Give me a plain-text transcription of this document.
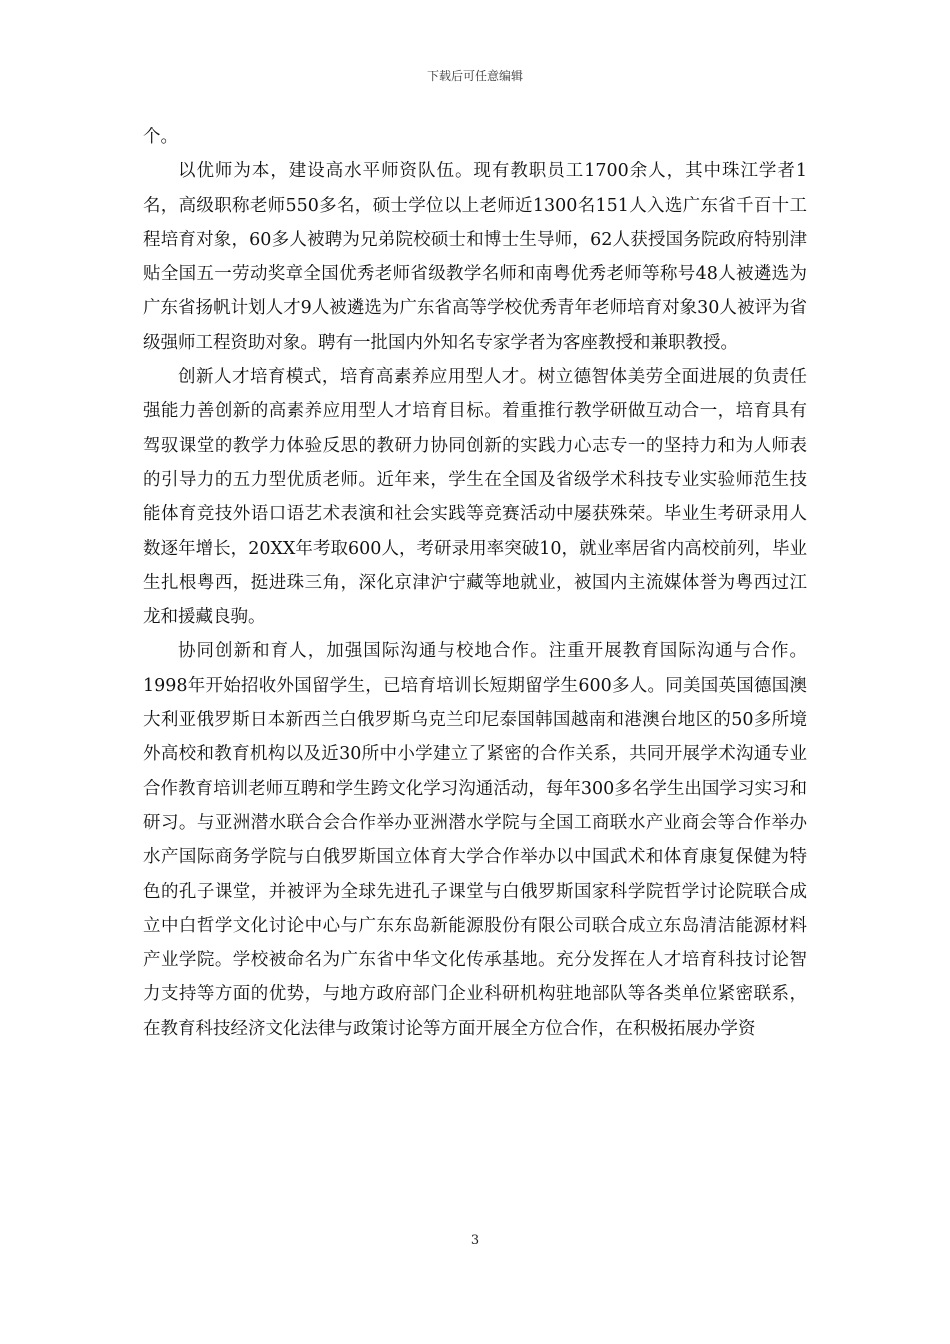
下载后可任意编辑

个。

以优师为本，建设高水平师资队伍。现有教职员工1700余人，其中珠江学者1名，高级职称老师550多名，硕士学位以上老师近1300名151人入选广东省千百十工程培育对象，60多人被聘为兄弟院校硕士和博士生导师，62人获授国务院政府特别津贴全国五一劳动奖章全国优秀老师省级教学名师和南粤优秀老师等称号48人被遴选为广东省扬帆计划人才9人被遴选为广东省高等学校优秀青年老师培育对象30人被评为省级强师工程资助对象。聘有一批国内外知名专家学者为客座教授和兼职教授。

创新人才培育模式，培育高素养应用型人才。树立德智体美劳全面进展的负责任强能力善创新的高素养应用型人才培育目标。着重推行教学研做互动合一，培育具有驾驭课堂的教学力体验反思的教研力协同创新的实践力心志专一的坚持力和为人师表的引导力的五力型优质老师。近年来，学生在全国及省级学术科技专业实验师范生技能体育竞技外语口语艺术表演和社会实践等竞赛活动中屡获殊荣。毕业生考研录用人数逐年增长，20XX年考取600人，考研录用率突破10，就业率居省内高校前列，毕业生扎根粤西，挺进珠三角，深化京津沪宁藏等地就业，被国内主流媒体誉为粤西过江龙和援藏良驹。

协同创新和育人，加强国际沟通与校地合作。注重开展教育国际沟通与合作。1998年开始招收外国留学生，已培育培训长短期留学生600多人。同美国英国德国澳大利亚俄罗斯日本新西兰白俄罗斯乌克兰印尼泰国韩国越南和港澳台地区的50多所境外高校和教育机构以及近30所中小学建立了紧密的合作关系，共同开展学术沟通专业合作教育培训老师互聘和学生跨文化学习沟通活动，每年300多名学生出国学习实习和研习。与亚洲潜水联合会合作举办亚洲潜水学院与全国工商联水产业商会等合作举办水产国际商务学院与白俄罗斯国立体育大学合作举办以中国武术和体育康复保健为特色的孔子课堂，并被评为全球先进孔子课堂与白俄罗斯国家科学院哲学讨论院联合成立中白哲学文化讨论中心与广东东岛新能源股份有限公司联合成立东岛清洁能源材料产业学院。学校被命名为广东省中华文化传承基地。充分发挥在人才培育科技讨论智力支持等方面的优势，与地方政府部门企业科研机构驻地部队等各类单位紧密联系，在教育科技经济文化法律与政策讨论等方面开展全方位合作，在积极拓展办学资

3
